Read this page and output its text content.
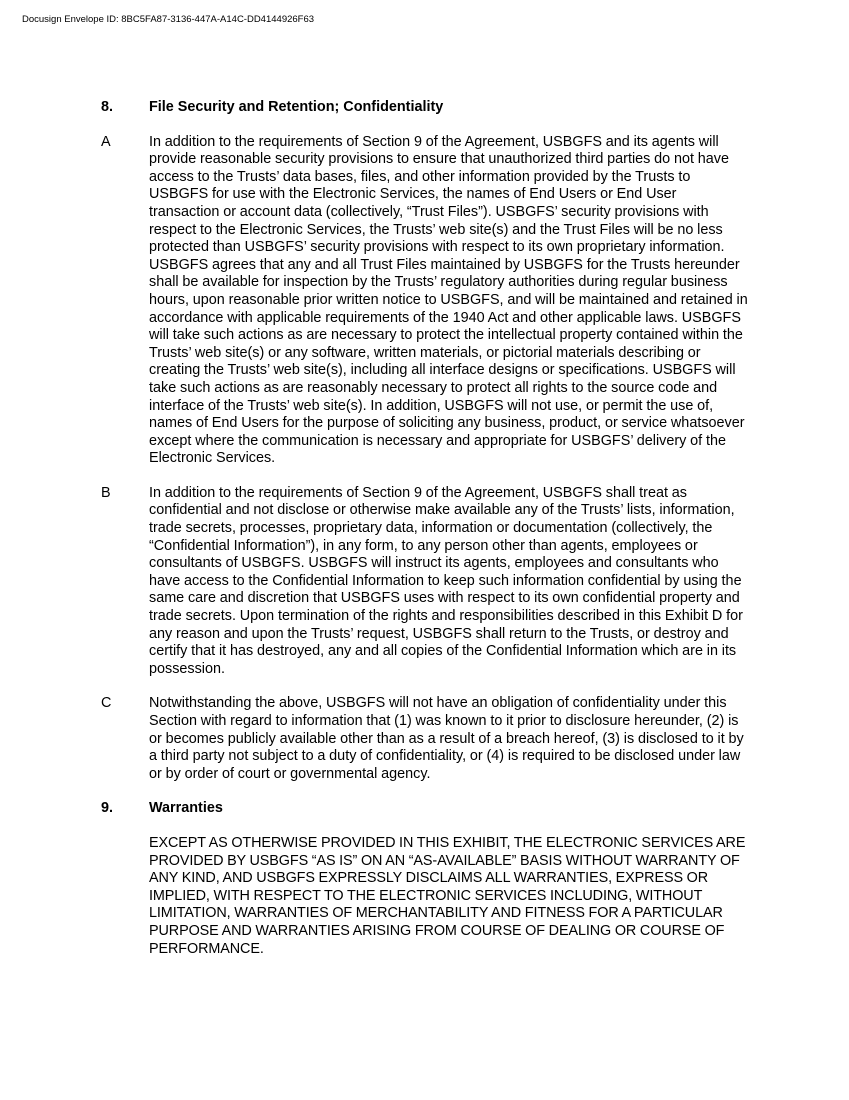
Docusign Envelope ID: 8BC5FA87-3136-447A-A14C-DD4144926F63
8.	File Security and Retention; Confidentiality
A	In addition to the requirements of Section 9 of the Agreement, USBGFS and its agents will provide reasonable security provisions to ensure that unauthorized third parties do not have access to the Trusts’ data bases, files, and other information provided by the Trusts to USBGFS for use with the Electronic Services, the names of End Users or End User transaction or account data (collectively, “Trust Files”). USBGFS’ security provisions with respect to the Electronic Services, the Trusts’ web site(s) and the Trust Files will be no less protected than USBGFS’ security provisions with respect to its own proprietary information. USBGFS agrees that any and all Trust Files maintained by USBGFS for the Trusts hereunder shall be available for inspection by the Trusts’ regulatory authorities during regular business hours, upon reasonable prior written notice to USBGFS, and will be maintained and retained in accordance with applicable requirements of the 1940 Act and other applicable laws. USBGFS will take such actions as are necessary to protect the intellectual property contained within the Trusts’ web site(s) or any software, written materials, or pictorial materials describing or creating the Trusts’ web site(s), including all interface designs or specifications. USBGFS will take such actions as are reasonably necessary to protect all rights to the source code and interface of the Trusts’ web site(s). In addition, USBGFS will not use, or permit the use of, names of End Users for the purpose of soliciting any business, product, or service whatsoever except where the communication is necessary and appropriate for USBGFS’ delivery of the Electronic Services.
B	In addition to the requirements of Section 9 of the Agreement, USBGFS shall treat as confidential and not disclose or otherwise make available any of the Trusts’ lists, information, trade secrets, processes, proprietary data, information or documentation (collectively, the “Confidential Information”), in any form, to any person other than agents, employees or consultants of USBGFS. USBGFS will instruct its agents, employees and consultants who have access to the Confidential Information to keep such information confidential by using the same care and discretion that USBGFS uses with respect to its own confidential property and trade secrets. Upon termination of the rights and responsibilities described in this Exhibit D for any reason and upon the Trusts’ request, USBGFS shall return to the Trusts, or destroy and certify that it has destroyed, any and all copies of the Confidential Information which are in its possession.
C	Notwithstanding the above, USBGFS will not have an obligation of confidentiality under this Section with regard to information that (1) was known to it prior to disclosure hereunder, (2) is or becomes publicly available other than as a result of a breach hereof, (3) is disclosed to it by a third party not subject to a duty of confidentiality, or (4) is required to be disclosed under law or by order of court or governmental agency.
9.	Warranties
EXCEPT AS OTHERWISE PROVIDED IN THIS EXHIBIT, THE ELECTRONIC SERVICES ARE PROVIDED BY USBGFS “AS IS” ON AN “AS-AVAILABLE” BASIS WITHOUT WARRANTY OF ANY KIND, AND USBGFS EXPRESSLY DISCLAIMS ALL WARRANTIES, EXPRESS OR IMPLIED, WITH RESPECT TO THE ELECTRONIC SERVICES INCLUDING, WITHOUT LIMITATION, WARRANTIES OF MERCHANTABILITY AND FITNESS FOR A PARTICULAR PURPOSE AND WARRANTIES ARISING FROM COURSE OF DEALING OR COURSE OF PERFORMANCE.
